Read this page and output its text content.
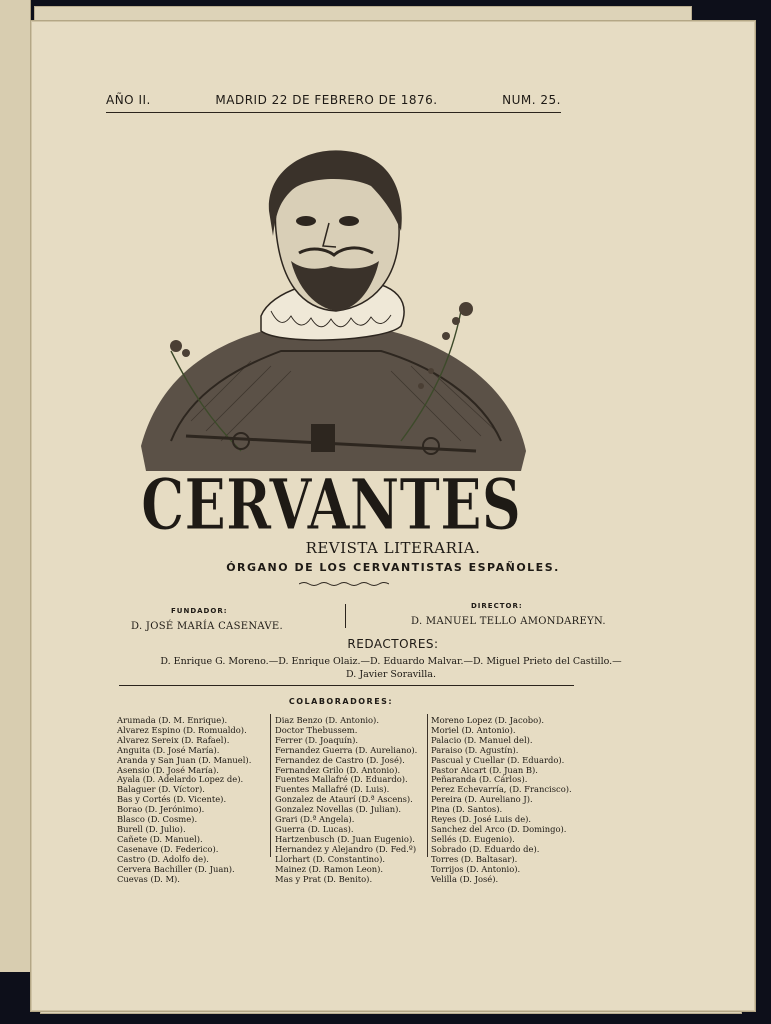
AÑO II.	MADRID 22 DE FEBRERO DE 1876.	NUM. 25.
CERVANTES
REVISTA LITERARIA.
ÓRGANO DE LOS CERVANTISTAS ESPAÑOLES.
FUNDADOR:
D. JOSÉ MARÍA CASENAVE.
DIRECTOR:
D. MANUEL TELLO AMONDAREYN.
REDACTORES:
D. Enrique G. Moreno.—D. Enrique Olaiz.—D. Eduardo Malvar.—D. Miguel Prieto del Castillo.—
D. Javier Soravilla.
COLABORADORES:
Arumada (D. M. Enrique).
Alvarez Espino (D. Romualdo).
Alvarez Sereix (D. Rafael).
Anguita (D. José María).
Aranda y San Juan (D. Manuel).
Asensio (D. José María).
Ayala (D. Adelardo Lopez de).
Balaguer (D. Víctor).
Bas y Cortés (D. Vicente).
Borao (D. Jerónimo).
Blasco (D. Cosme).
Burell (D. Julio).
Cañete (D. Manuel).
Casenave (D. Federico).
Castro (D. Adolfo de).
Cervera Bachiller (D. Juan).
Cuevas (D. M).
Diaz Benzo (D. Antonio).
Doctor Thebussem.
Ferrer (D. Joaquín).
Fernandez Guerra (D. Aureliano).
Fernandez de Castro (D. José).
Fernandez Grilo (D. Antonio).
Fuentes Mallafré (D. Eduardo).
Fuentes Mallafré (D. Luis).
Gonzalez de Ataurí (D.ª Ascens).
Gonzalez Novellas (D. Julian).
Grari (D.ª Angela).
Guerra (D. Lucas).
Hartzenbusch (D. Juan Eugenio).
Hernandez y Alejandro (D. Fed.º)
Llorhart (D. Constantino).
Mainez (D. Ramon Leon).
Mas y Prat (D. Benito).
Moreno Lopez (D. Jacobo).
Moriel (D. Antonio).
Palacio (D. Manuel del).
Paraiso (D. Agustín).
Pascual y Cuellar (D. Eduardo).
Pastor Aicart (D. Juan B).
Peñaranda (D. Cárlos).
Perez Echevarría, (D. Francisco).
Pereira (D. Aureliano J).
Pina (D. Santos).
Reyes (D. José Luis de).
Sanchez del Arco (D. Domingo).
Sellés (D. Eugenio).
Sobrado (D. Eduardo de).
Torres (D. Baltasar).
Torrijos (D. Antonio).
Velilla (D. José).
